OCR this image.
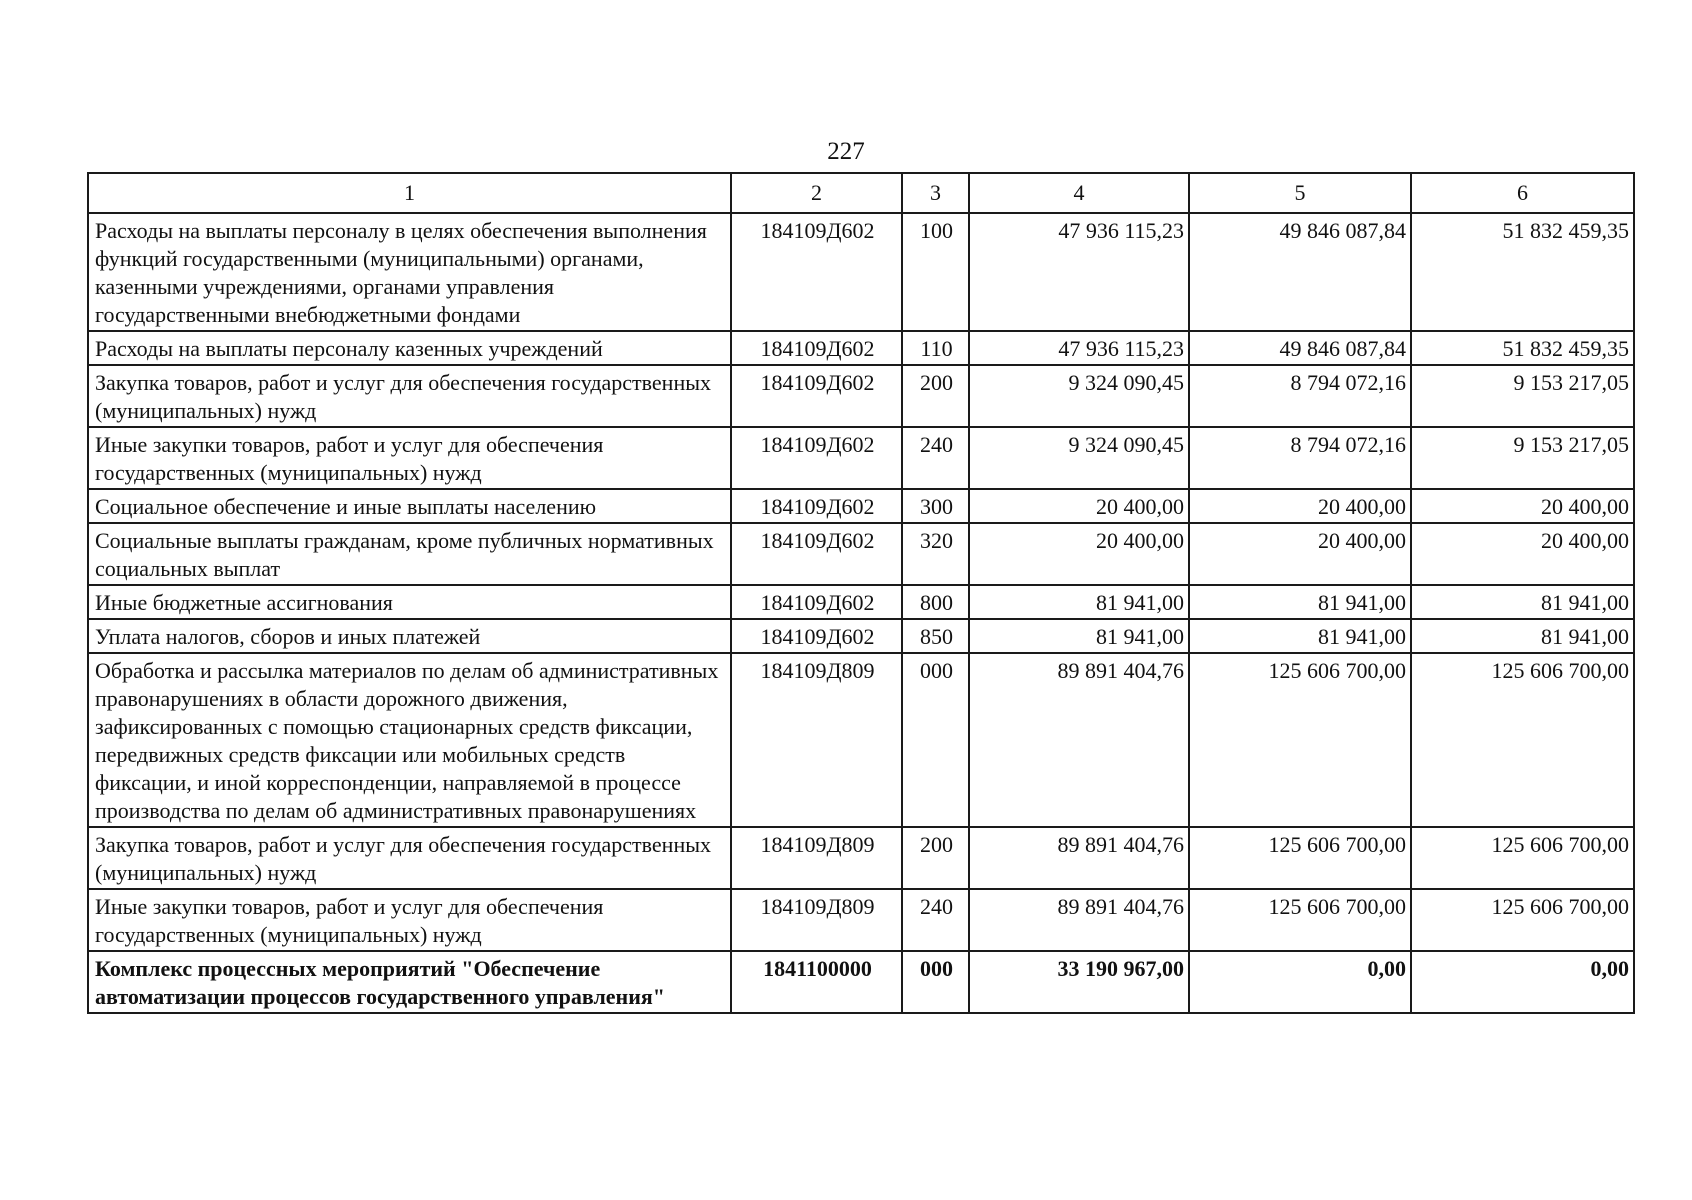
227
1	2	3	4	5	6
Расходы на выплаты персоналу в целях обеспечения выполнения функций государственными (муниципальными) органами, казенными учреждениями, органами управления государственными внебюджетными фондами	184109Д602	100	47 936 115,23	49 846 087,84	51 832 459,35
Расходы на выплаты персоналу казенных учреждений	184109Д602	110	47 936 115,23	49 846 087,84	51 832 459,35
Закупка товаров, работ и услуг для обеспечения государственных (муниципальных) нужд	184109Д602	200	9 324 090,45	8 794 072,16	9 153 217,05
Иные закупки товаров, работ и услуг для обеспечения государственных (муниципальных) нужд	184109Д602	240	9 324 090,45	8 794 072,16	9 153 217,05
Социальное обеспечение и иные выплаты населению	184109Д602	300	20 400,00	20 400,00	20 400,00
Социальные выплаты гражданам, кроме публичных нормативных социальных выплат	184109Д602	320	20 400,00	20 400,00	20 400,00
Иные бюджетные ассигнования	184109Д602	800	81 941,00	81 941,00	81 941,00
Уплата налогов, сборов и иных платежей	184109Д602	850	81 941,00	81 941,00	81 941,00
Обработка и рассылка материалов по делам об административных правонарушениях в области дорожного движения, зафиксированных с помощью стационарных средств фиксации, передвижных средств фиксации или мобильных средств фиксации, и иной корреспонденции, направляемой в процессе производства по делам об административных правонарушениях	184109Д809	000	89 891 404,76	125 606 700,00	125 606 700,00
Закупка товаров, работ и услуг для обеспечения государственных (муниципальных) нужд	184109Д809	200	89 891 404,76	125 606 700,00	125 606 700,00
Иные закупки товаров, работ и услуг для обеспечения государственных (муниципальных) нужд	184109Д809	240	89 891 404,76	125 606 700,00	125 606 700,00
Комплекс процессных мероприятий "Обеспечение автоматизации процессов государственного управления"	1841100000	000	33 190 967,00	0,00	0,00
